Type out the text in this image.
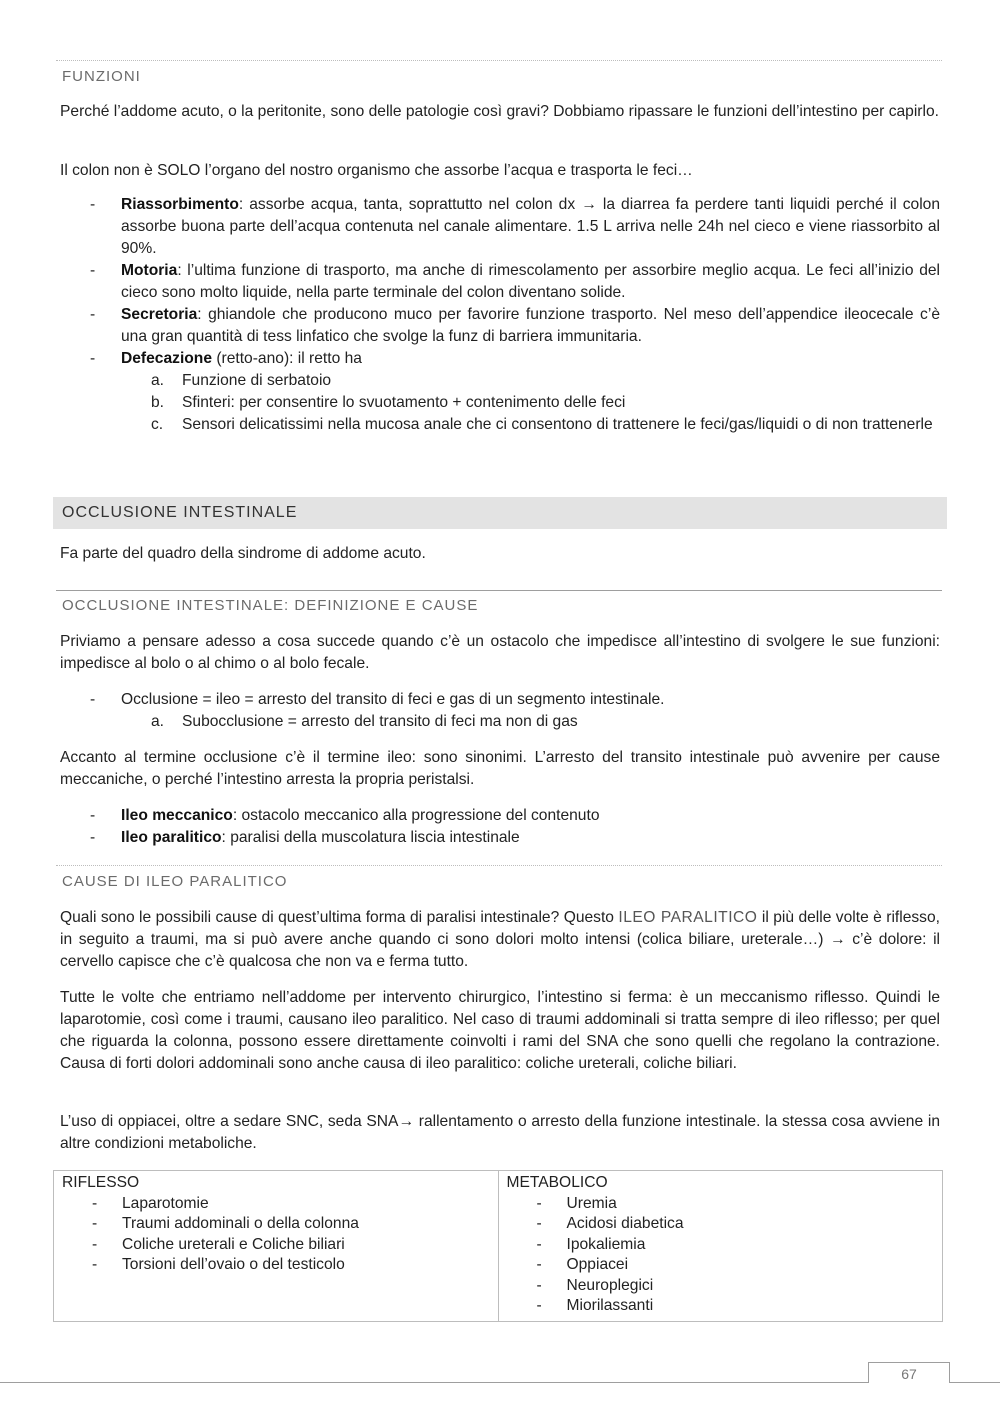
FUNZIONI

Perché l’addome acuto, o la peritonite, sono delle patologie così gravi? Dobbiamo ripassare le funzioni dell’intestino per capirlo.

Il colon non è SOLO l’organo del nostro organismo che assorbe l’acqua e trasporta le feci…

- Riassorbimento: assorbe acqua, tanta, soprattutto nel colon dx → la diarrea fa perdere tanti liquidi perché il colon assorbe buona parte dell’acqua contenuta nel canale alimentare. 1.5 L arriva nelle 24h nel cieco e viene riassorbito al 90%.
- Motoria: l’ultima funzione di trasporto, ma anche di rimescolamento per assorbire meglio acqua. Le feci all’inizio del cieco sono molto liquide, nella parte terminale del colon diventano solide.
- Secretoria: ghiandole che producono muco per favorire funzione trasporto. Nel meso dell’appendice ileocecale c’è una gran quantità di tess linfatico che svolge la funz di barriera immunitaria.
- Defecazione (retto-ano): il retto ha
a. Funzione di serbatoio
b. Sfinteri: per consentire lo svuotamento + contenimento delle feci
c. Sensori delicatissimi nella mucosa anale che ci consentono di trattenere le feci/gas/liquidi o di non trattenerle
OCCLUSIONE INTESTINALE

Fa parte del quadro della sindrome di addome acuto.

OCCLUSIONE INTESTINALE: DEFINIZIONE E CAUSE

Priviamo a pensare adesso a cosa succede quando c’è un ostacolo che impedisce all’intestino di svolgere le sue funzioni: impedisce al bolo o al chimo o al bolo fecale.

- Occlusione = ileo = arresto del transito di feci e gas di un segmento intestinale.
a. Subocclusione = arresto del transito di feci ma non di gas

Accanto al termine occlusione c’è il termine ileo: sono sinonimi. L’arresto del transito intestinale può avvenire per cause meccaniche, o perché l’intestino arresta la propria peristalsi.

- Ileo meccanico: ostacolo meccanico alla progressione del contenuto
- Ileo paralitico: paralisi della muscolatura liscia intestinale
CAUSE DI ILEO PARALITICO

Quali sono le possibili cause di quest’ultima forma di paralisi intestinale? Questo ILEO PARALITICO il più delle volte è riflesso, in seguito a traumi, ma si può avere anche quando ci sono dolori molto intensi (colica biliare, ureterale…) → c’è dolore: il cervello capisce che c’è qualcosa che non va e ferma tutto.

Tutte le volte che entriamo nell’addome per intervento chirurgico, l’intestino si ferma: è un meccanismo riflesso. Quindi le laparotomie, così come i traumi, causano ileo paralitico. Nel caso di traumi addominali si tratta sempre di ileo riflesso; per quel che riguarda la colonna, possono essere direttamente coinvolti i rami del SNA che sono quelli che regolano la contrazione. Causa di forti dolori addominali sono anche causa di ileo paralitico: coliche ureterali, coliche biliari.

L’uso di oppiacei, oltre a sedare SNC, seda SNA→ rallentamento o arresto della funzione intestinale. la stessa cosa avviene in altre condizioni metaboliche.

RIFLESSO
- Laparotomie
- Traumi addominali o della colonna
- Coliche ureterali e Coliche biliari
- Torsioni dell’ovaio o del testicolo

METABOLICO
- Uremia
- Acidosi diabetica
- Ipokaliemia
- Oppiacei
- Neuroplegici
- Miorilassanti
67
